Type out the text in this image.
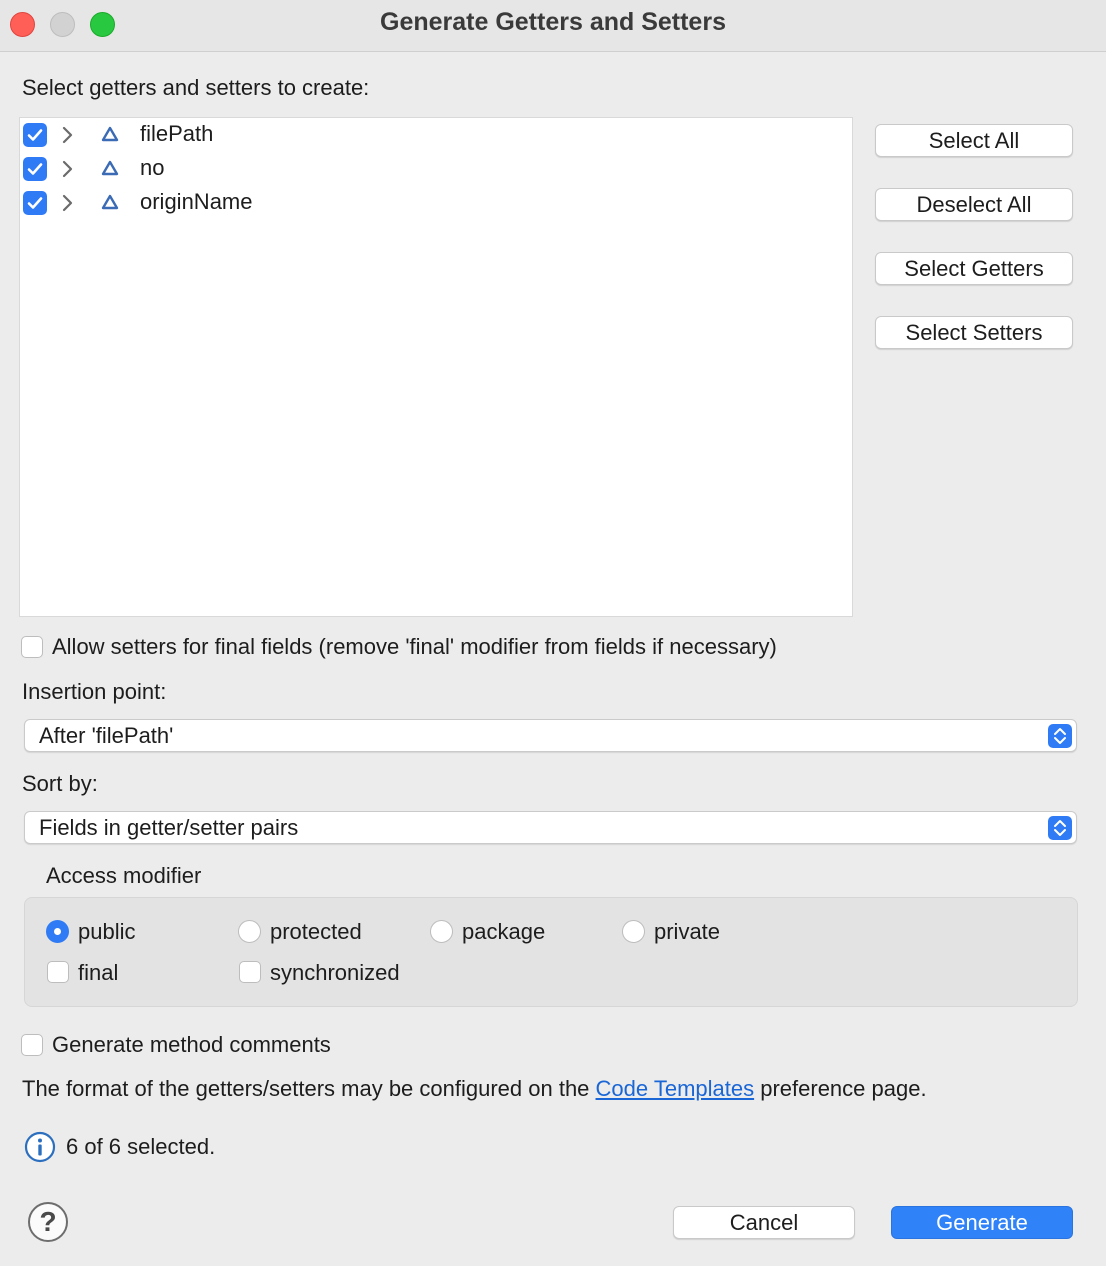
Generate Getters and Setters
Select getters and setters to create:
filePath
no
originName
Select All
Deselect All
Select Getters
Select Setters
Allow setters for final fields (remove 'final' modifier from fields if necessary)
Insertion point:
After 'filePath'
Sort by:
Fields in getter/setter pairs
Access modifier
public	protected	package	private
final	synchronized
Generate method comments
The format of the getters/setters may be configured on the Code Templates preference page.
6 of 6 selected.
?	Cancel	Generate
